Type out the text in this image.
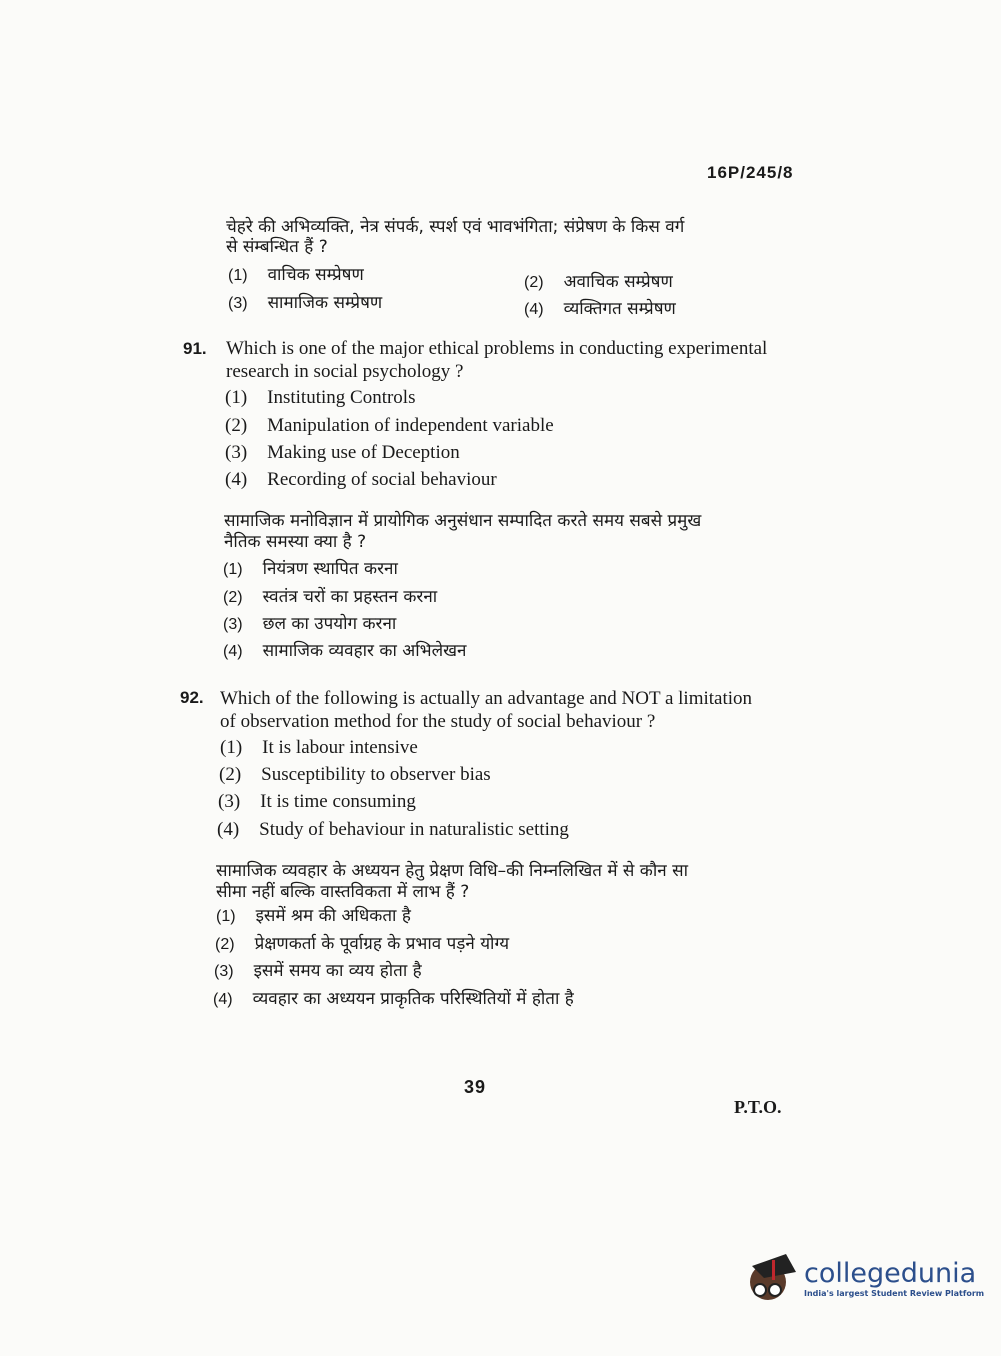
16P/245/8
चेहरे की अभिव्यक्ति, नेत्र संपर्क, स्पर्श एवं भावभंगिता; संप्रेषण के किस वर्ग
से संम्बन्धित हैं ?
(1) वाचिक सम्प्रेषण	(2) अवाचिक सम्प्रेषण
(3) सामाजिक सम्प्रेषण	(4) व्यक्तिगत सम्प्रेषण
91. Which is one of the major ethical problems in conducting experimental
research in social psychology ?
(1) Instituting Controls
(2) Manipulation of independent variable
(3) Making use of Deception
(4) Recording of social behaviour
सामाजिक मनोविज्ञान में प्रायोगिक अनुसंधान सम्पादित करते समय सबसे प्रमुख
नैतिक समस्या क्या है ?
(1) नियंत्रण स्थापित करना
(2) स्वतंत्र चरों का प्रहस्तन करना
(3) छल का उपयोग करना
(4) सामाजिक व्यवहार का अभिलेखन
92. Which of the following is actually an advantage and NOT a limitation
of observation method for the study of social behaviour ?
(1) It is labour intensive
(2) Susceptibility to observer bias
(3) It is time consuming
(4) Study of behaviour in naturalistic setting
सामाजिक व्यवहार के अध्ययन हेतु प्रेक्षण विधि–की निम्नलिखित में से कौन सा
सीमा नहीं बल्कि वास्तविकता में लाभ हैं ?
(1) इसमें श्रम की अधिकता है
(2) प्रेक्षणकर्ता के पूर्वाग्रह के प्रभाव पड़ने योग्य
(3) इसमें समय का व्यय होता है
(4) व्यवहार का अध्ययन प्राकृतिक परिस्थितियों में होता है
39
P.T.O.
collegedunia
India's largest Student Review Platform
